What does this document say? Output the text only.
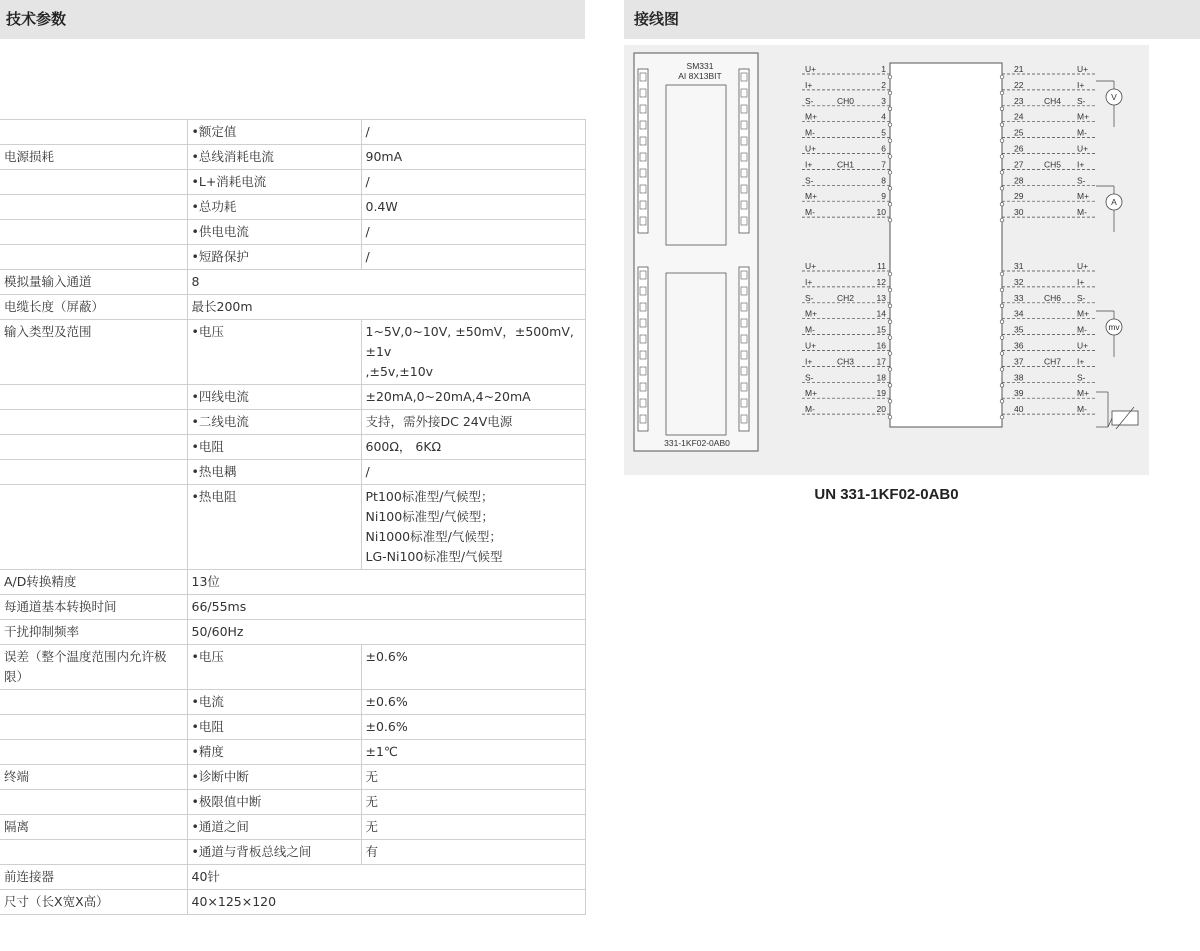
技术参数	接线图
	•额定值	/
电源损耗	•总线消耗电流	90mA
	•L+消耗电流	/
	•总功耗	0.4W
	•供电电流	/
	•短路保护	/
模拟量输入通道	8	
电缆长度（屏蔽）	最长200m	
输入类型及范围	•电压	1~5V,0~10V, ±50mV，±500mV, ±1v
,±5v,±10v

	•四线电流	±20mA,0~20mA,4~20mA
	•二线电流	支持，需外接DC 24V电源
	•电阻	600Ω， 6KΩ
	•热电耦	/
	•热电阻	Pt100标准型/气候型；
Ni100标准型/气候型；
Ni1000标准型/气候型；
LG-Ni100标准型/气候型

A/D转换精度	13位	
每通道基本转换时间	66/55ms	
干扰抑制频率	50/60Hz	
误差（整个温度范围内允许极限）	•电压	±0.6%
	•电流	±0.6%
	•电阻	±0.6%
	•精度	±1℃
终端	•诊断中断	无
	•极限值中断	无
隔离	•通道之间	无
	•通道与背板总线之间	有
前连接器	40针	
尺寸（长X宽X高）	40×125×120	
SM331
AI 8X13BIT
331-1KF02-0AB0
U+	1	21	U+
I+	2	22	I+
S-	3	23	S-
M+	4	24	M+
M-	5	25	M-
U+	6	26	U+
I+	7	27	I+
S-	8	28	S-
M+	9	29	M+
M-	10	30	M-
U+	11	31	U+
I+	12	32	I+
S-	13	33	S-
M+	14	34	M+
M-	15	35	M-
U+	16	36	U+
I+	17	37	I+
S-	18	38	S-
M+	19	39	M+
M-	20	40	M-
CH0	CH4
CH1	CH5
CH2	CH6
CH3	CH7
V
A
mv
UN 331-1KF02-0AB0
